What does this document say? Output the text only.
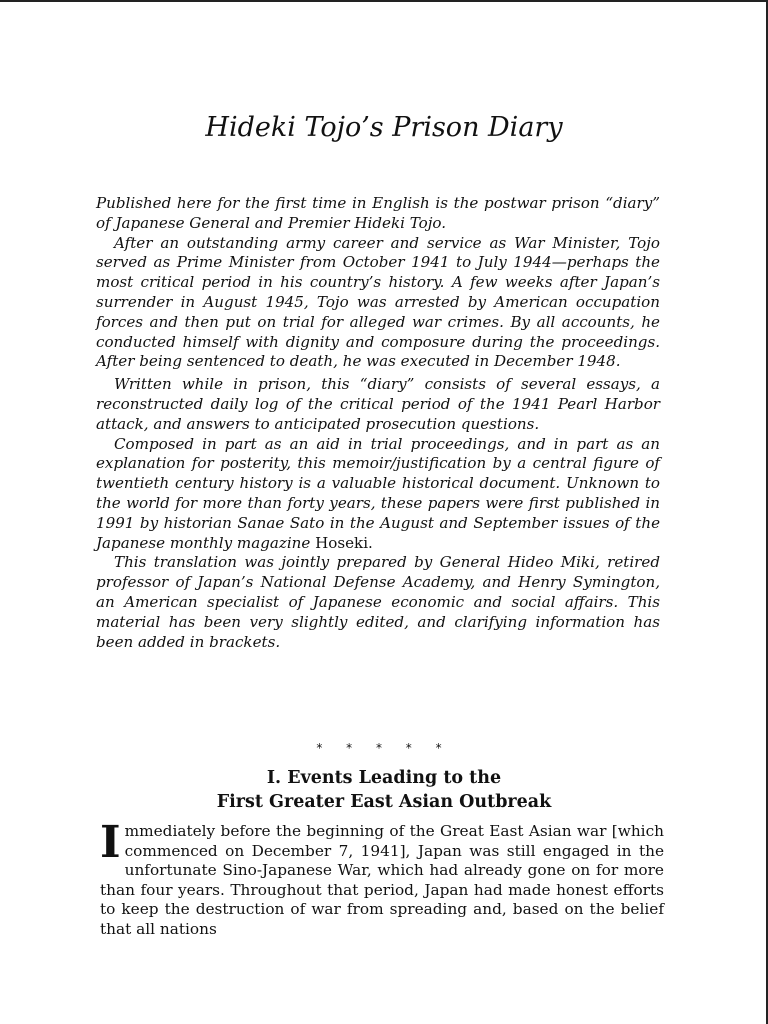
Hideki Tojo’s Prison Diary

Published here for the first time in English is the postwar prison “diary” of Japanese General and Premier Hideki Tojo.

After an outstanding army career and service as War Minister, Tojo served as Prime Minister from October 1941 to July 1944—perhaps the most critical period in his country’s history. A few weeks after Japan’s surrender in August 1945, Tojo was arrested by American occupation forces and then put on trial for alleged war crimes. By all accounts, he conducted himself with dignity and composure during the proceedings. After being sentenced to death, he was executed in December 1948.

Written while in prison, this “diary” consists of several essays, a reconstructed daily log of the critical period of the 1941 Pearl Harbor attack, and answers to anticipated prosecution questions.

Composed in part as an aid in trial proceedings, and in part as an explanation for posterity, this memoir/justification by a central figure of twentieth century history is a valuable historical document. Unknown to the world for more than forty years, these papers were first published in 1991 by historian Sanae Sato in the August and September issues of the Japanese monthly magazine Hoseki.

This translation was jointly prepared by General Hideo Miki, retired professor of Japan’s National Defense Academy, and Henry Symington, an American specialist of Japanese economic and social affairs. This material has been very slightly edited, and clarifying information has been added in brackets.

* * * * *
I. Events Leading to the
First Greater East Asian Outbreak

Immediately before the beginning of the Great East Asian war [which commenced on December 7, 1941], Japan was still engaged in the unfortunate Sino-Japanese War, which had already gone on for more than four years. Throughout that period, Japan had made honest efforts to keep the destruction of war from spreading and, based on the belief that all nations
